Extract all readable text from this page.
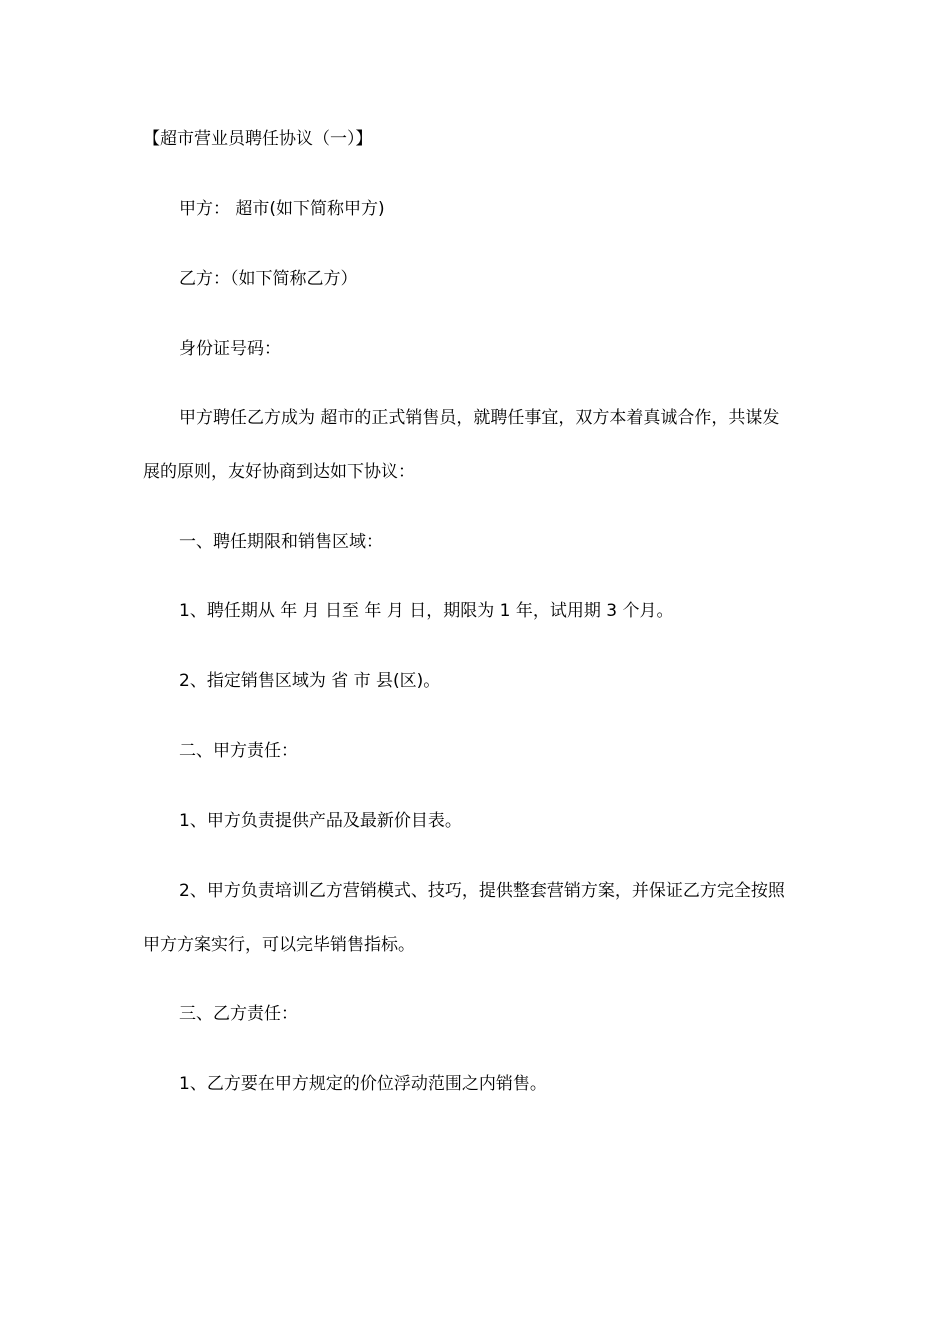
【超市营业员聘任协议（一）】
甲方： 超市(如下简称甲方)
乙方：（如下简称乙方）
身份证号码：
甲方聘任乙方成为 超市的正式销售员，就聘任事宜，双方本着真诚合作，共谋发
展的原则，友好协商到达如下协议：
一、聘任期限和销售区域：
1、聘任期从 年 月 日至 年 月 日，期限为 1 年，试用期 3 个月。
2、指定销售区域为 省 市 县(区)。
二、甲方责任：
1、甲方负责提供产品及最新价目表。
2、甲方负责培训乙方营销模式、技巧，提供整套营销方案，并保证乙方完全按照
甲方方案实行，可以完毕销售指标。
三、乙方责任：
1、乙方要在甲方规定的价位浮动范围之内销售。
